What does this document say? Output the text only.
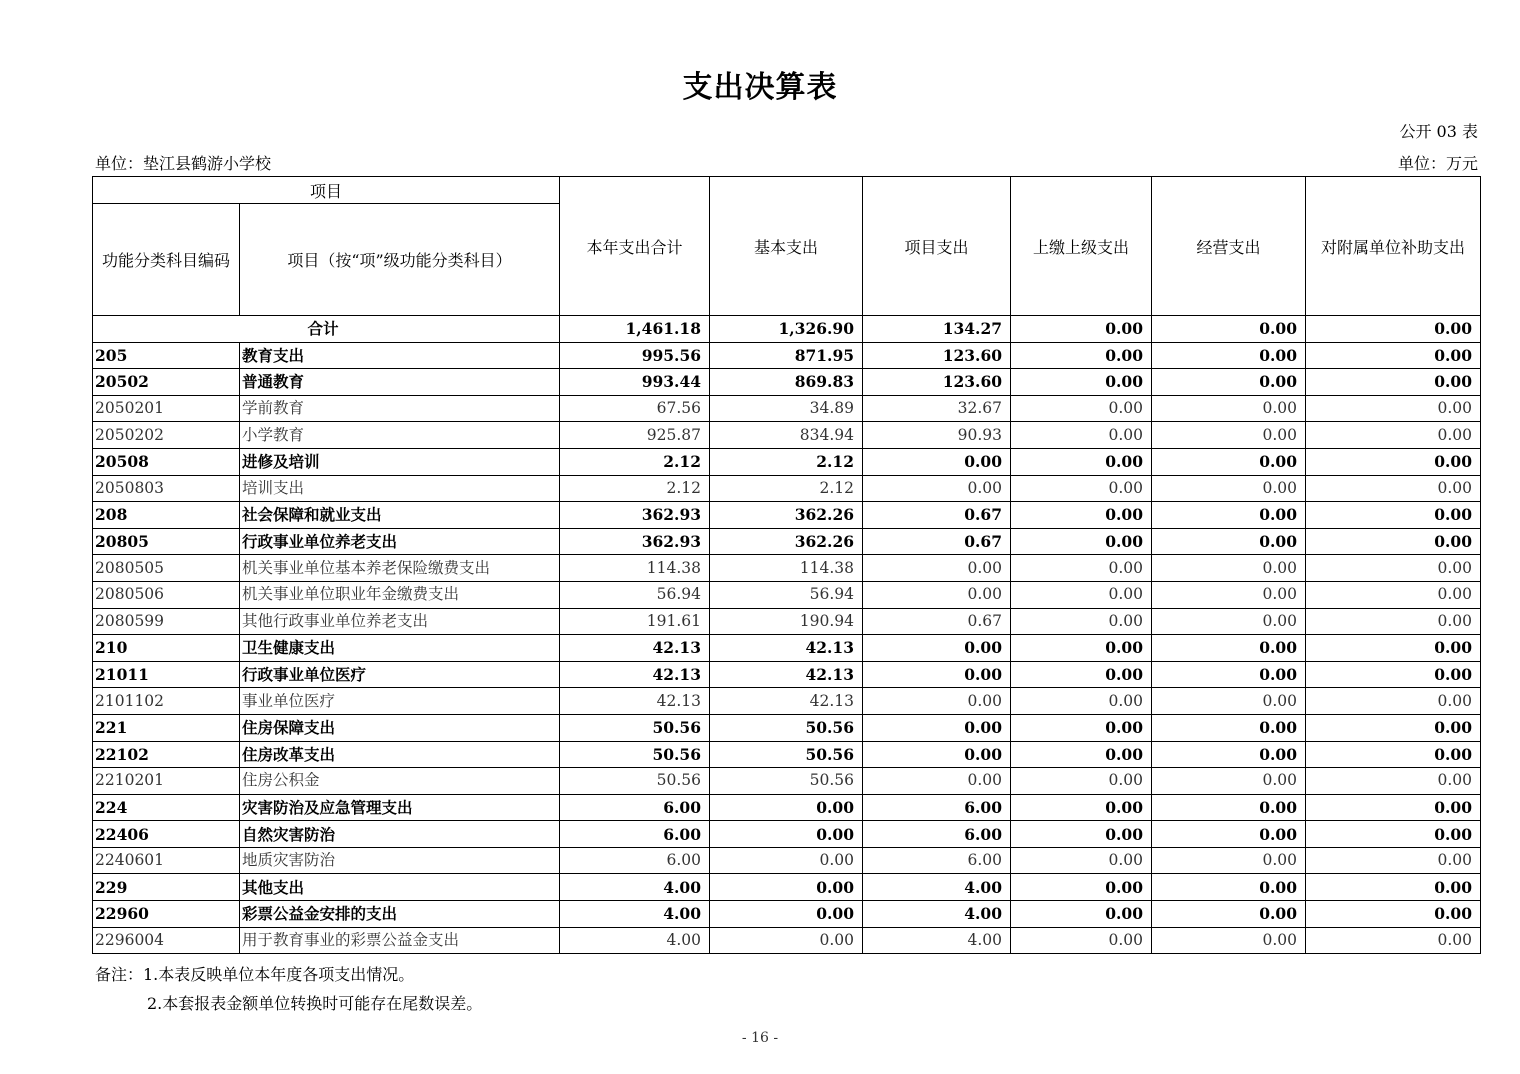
支出决算表
公开 03 表
单位：垫江县鹤游小学校	单位：万元
项目		本年支出合计	基本支出	项目支出	上缴上级支出	经营支出	对附属单位补助支出
功能分类科目编码	项目（按“项”级功能分类科目）						
合计		1,461.18	1,326.90	134.27	0.00	0.00	0.00
205	教育支出	995.56	871.95	123.60	0.00	0.00	0.00
20502	普通教育	993.44	869.83	123.60	0.00	0.00	0.00
2050201	学前教育	67.56	34.89	32.67	0.00	0.00	0.00
2050202	小学教育	925.87	834.94	90.93	0.00	0.00	0.00
20508	进修及培训	2.12	2.12	0.00	0.00	0.00	0.00
2050803	培训支出	2.12	2.12	0.00	0.00	0.00	0.00
208	社会保障和就业支出	362.93	362.26	0.67	0.00	0.00	0.00
20805	行政事业单位养老支出	362.93	362.26	0.67	0.00	0.00	0.00
2080505	机关事业单位基本养老保险缴费支出	114.38	114.38	0.00	0.00	0.00	0.00
2080506	机关事业单位职业年金缴费支出	56.94	56.94	0.00	0.00	0.00	0.00
2080599	其他行政事业单位养老支出	191.61	190.94	0.67	0.00	0.00	0.00
210	卫生健康支出	42.13	42.13	0.00	0.00	0.00	0.00
21011	行政事业单位医疗	42.13	42.13	0.00	0.00	0.00	0.00
2101102	事业单位医疗	42.13	42.13	0.00	0.00	0.00	0.00
221	住房保障支出	50.56	50.56	0.00	0.00	0.00	0.00
22102	住房改革支出	50.56	50.56	0.00	0.00	0.00	0.00
2210201	住房公积金	50.56	50.56	0.00	0.00	0.00	0.00
224	灾害防治及应急管理支出	6.00	0.00	6.00	0.00	0.00	0.00
22406	自然灾害防治	6.00	0.00	6.00	0.00	0.00	0.00
2240601	地质灾害防治	6.00	0.00	6.00	0.00	0.00	0.00
229	其他支出	4.00	0.00	4.00	0.00	0.00	0.00
22960	彩票公益金安排的支出	4.00	0.00	4.00	0.00	0.00	0.00
2296004	用于教育事业的彩票公益金支出	4.00	0.00	4.00	0.00	0.00	0.00
备注：1.本表反映单位本年度各项支出情况。
2.本套报表金额单位转换时可能存在尾数误差。
- 16 -
